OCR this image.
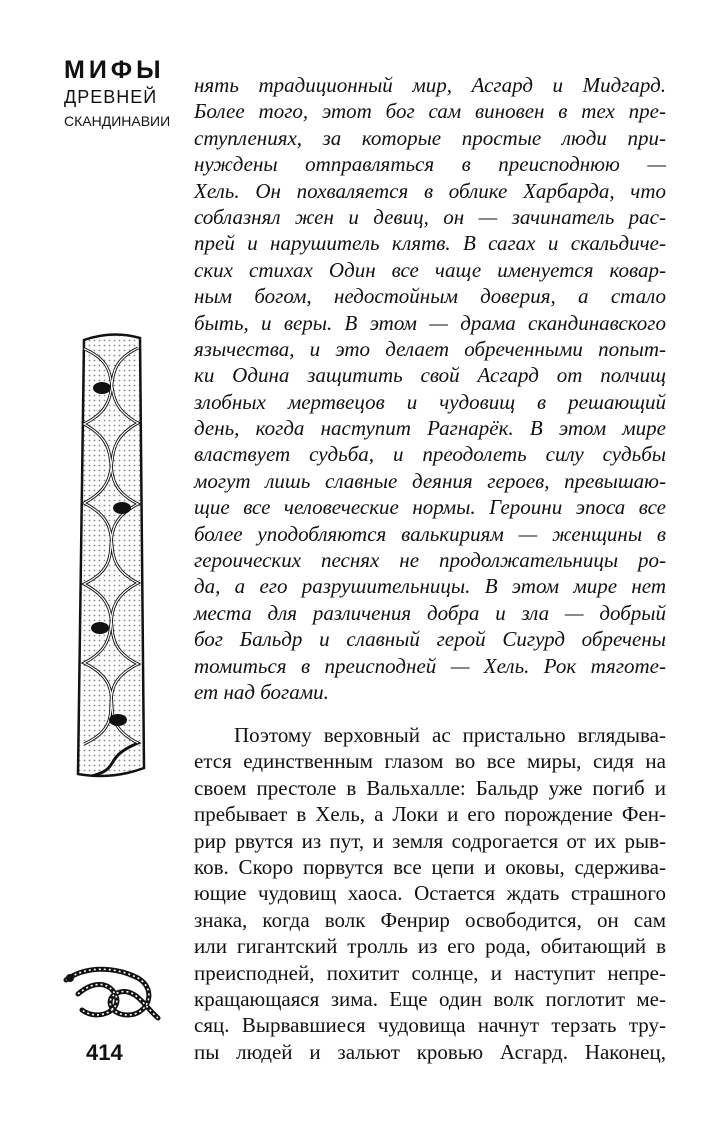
МИФЫ
ДРЕВНЕЙ
СКАНДИНАВИИ
нять традиционный мир, Асгард и Мидгард.
Более того, этот бог сам виновен в тех пре-
ступлениях, за которые простые люди при-
нуждены отправляться в преисподнюю —
Хель. Он похваляется в облике Харбарда, что
соблазнял жен и девиц, он — зачинатель рас-
прей и нарушитель клятв. В сагах и скальдиче-
ских стихах Один все чаще именуется ковар-
ным богом, недостойным доверия, а стало
быть, и веры. В этом — драма скандинавского
язычества, и это делает обреченными попыт-
ки Одина защитить свой Асгард от полчищ
злобных мертвецов и чудовищ в решающий
день, когда наступит Рагнарёк. В этом мире
властвует судьба, и преодолеть силу судьбы
могут лишь славные деяния героев, превышаю-
щие все человеческие нормы. Героини эпоса все
более уподобляются валькириям — женщины в
героических песнях не продолжательницы ро-
да, а его разрушительницы. В этом мире нет
места для различения добра и зла — добрый
бог Бальдр и славный герой Сигурд обречены
томиться в преисподней — Хель. Рок тяготе-
ет над богами.
Поэтому верховный ас пристально вглядыва-
ется единственным глазом во все миры, сидя на
своем престоле в Вальхалле: Бальдр уже погиб и
пребывает в Хель, а Локи и его порождение Фен-
рир рвутся из пут, и земля содрогается от их рыв-
ков. Скоро порвутся все цепи и оковы, сдержива-
ющие чудовищ хаоса. Остается ждать страшного
знака, когда волк Фенрир освободится, он сам
или гигантский тролль из его рода, обитающий в
преисподней, похитит солнце, и наступит непре-
кращающаяся зима. Еще один волк поглотит ме-
сяц. Вырвавшиеся чудовища начнут терзать тру-
пы людей и зальют кровью Асгард. Наконец,
414
